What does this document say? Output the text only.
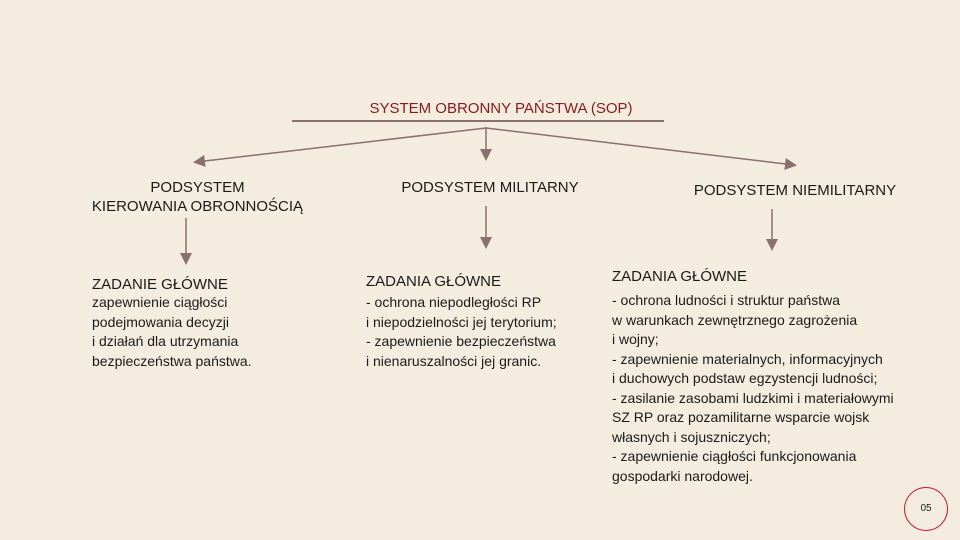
SYSTEM OBRONNY PAŃSTWA (SOP)
PODSYSTEM
KIEROWANIA OBRONNOŚCIĄ
PODSYSTEM MILITARNY	PODSYSTEM NIEMILITARNY
ZADANIE GŁÓWNE
zapewnienie ciągłości
podejmowania decyzji
i działań dla utrzymania
bezpieczeństwa państwa.
ZADANIA GŁÓWNE
- ochrona niepodległości RP
i niepodzielności jej terytorium;
- zapewnienie bezpieczeństwa
i nienaruszalności jej granic.
ZADANIA GŁÓWNE
- ochrona ludności i struktur państwa
w warunkach zewnętrznego zagrożenia
i wojny;
- zapewnienie materialnych, informacyjnych
i duchowych podstaw egzystencji ludności;
- zasilanie zasobami ludzkimi i materiałowymi
SZ RP oraz pozamilitarne wsparcie wojsk
własnych i sojuszniczych;
- zapewnienie ciągłości funkcjonowania
gospodarki narodowej.
05
